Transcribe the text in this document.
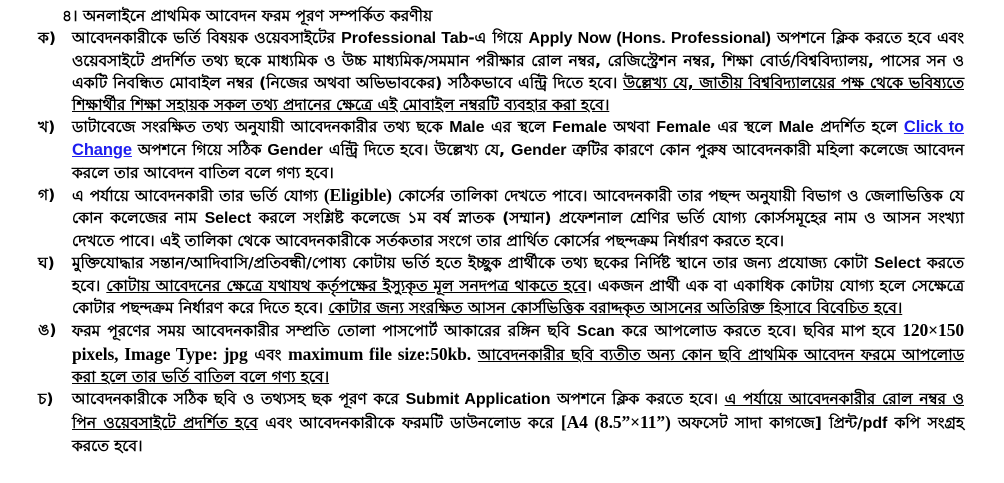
৪। অনলাইনে প্রাথমিক আবেদন ফরম পূরণ সম্পর্কিত করণীয়
ক)	আবেদনকারীকে ভর্তি বিষয়ক ওয়েবসাইটের Professional Tab-এ গিয়ে Apply Now (Hons. Professional) অপশনে ক্লিক করতে হবে এবং ওয়েবসাইটে প্রদর্শিত তথ্য ছকে মাধ্যমিক ও উচ্চ মাধ্যমিক/সমমান পরীক্ষার রোল নম্বর, রেজিস্ট্রেশন নম্বর, শিক্ষা বোর্ড/বিশ্ববিদ্যালয়, পাসের সন ও একটি নিবন্ধিত মোবাইল নম্বর (নিজের অথবা অভিভাবকের) সঠিকভাবে এন্ট্রি দিতে হবে। উল্লেখ্য যে, জাতীয় বিশ্ববিদ্যালয়ের পক্ষ থেকে ভবিষ্যতে শিক্ষার্থীর শিক্ষা সহায়ক সকল তথ্য প্রদানের ক্ষেত্রে এই মোবাইল নম্বরটি ব্যবহার করা হবে।
খ)	ডাটাবেজে সংরক্ষিত তথ্য অনুযায়ী আবেদনকারীর তথ্য ছকে Male এর স্থলে Female অথবা Female এর স্থলে Male প্রদর্শিত হলে Click to Change অপশনে গিয়ে সঠিক Gender এন্ট্রি দিতে হবে। উল্লেখ্য যে, Gender ত্রুটির কারণে কোন পুরুষ আবেদনকারী মহিলা কলেজে আবেদন করলে তার আবেদন বাতিল বলে গণ্য হবে।
গ)	এ পর্যায়ে আবেদনকারী তার ভর্তি যোগ্য (Eligible) কোর্সের তালিকা দেখতে পাবে। আবেদনকারী তার পছন্দ অনুযায়ী বিভাগ ও জেলাভিত্তিক যে কোন কলেজের নাম Select করলে সংশ্লিষ্ট কলেজে ১ম বর্ষ স্নাতক (সম্মান) প্রফেশনাল শ্রেণির ভর্তি যোগ্য কোর্সসমূহের নাম ও আসন সংখ্যা দেখতে পাবে। এই তালিকা থেকে আবেদনকারীকে সর্তকতার সংগে তার প্রার্থিত কোর্সের পছন্দক্রম নির্ধারণ করতে হবে।
ঘ)	মুক্তিযোদ্ধার সন্তান/আদিবাসি/প্রতিবন্ধী/পোষ্য কোটায় ভর্তি হতে ইচ্ছুক প্রার্থীকে তথ্য ছকের নির্দিষ্ট স্থানে তার জন্য প্রযোজ্য কোটা Select করতে হবে। কোটায় আবেদনের ক্ষেত্রে যথাযথ কর্তৃপক্ষের ইস্যুকৃত মূল সনদপত্র থাকতে হবে। একজন প্রার্থী এক বা একাধিক কোটায় যোগ্য হলে সেক্ষেত্রে কোটার পছন্দক্রম নির্ধারণ করে দিতে হবে। কোটার জন্য সংরক্ষিত আসন কোর্সভিত্তিক বরাদ্দকৃত আসনের অতিরিক্ত হিসাবে বিবেচিত হবে।
ঙ)	ফরম পূরণের সময় আবেদনকারীর সম্প্রতি তোলা পাসপোর্ট আকারের রঙ্গিন ছবি Scan করে আপলোড করতে হবে। ছবির মাপ হবে 120×150 pixels, Image Type: jpg এবং maximum file size:50kb. আবেদনকারীর ছবি ব্যতীত অন্য কোন ছবি প্রাথমিক আবেদন ফরমে আপলোড করা হলে তার ভর্তি বাতিল বলে গণ্য হবে।
চ)	আবেদনকারীকে সঠিক ছবি ও তথ্যসহ ছক পূরণ করে Submit Application অপশনে ক্লিক করতে হবে। এ পর্যায়ে আবেদনকারীর রোল নম্বর ও পিন ওয়েবসাইটে প্রদর্শিত হবে এবং আবেদনকারীকে ফরমটি ডাউনলোড করে [A4 (8.5”×11”) অফসেট সাদা কাগজে] প্রিন্ট/pdf কপি সংগ্রহ করতে হবে।
